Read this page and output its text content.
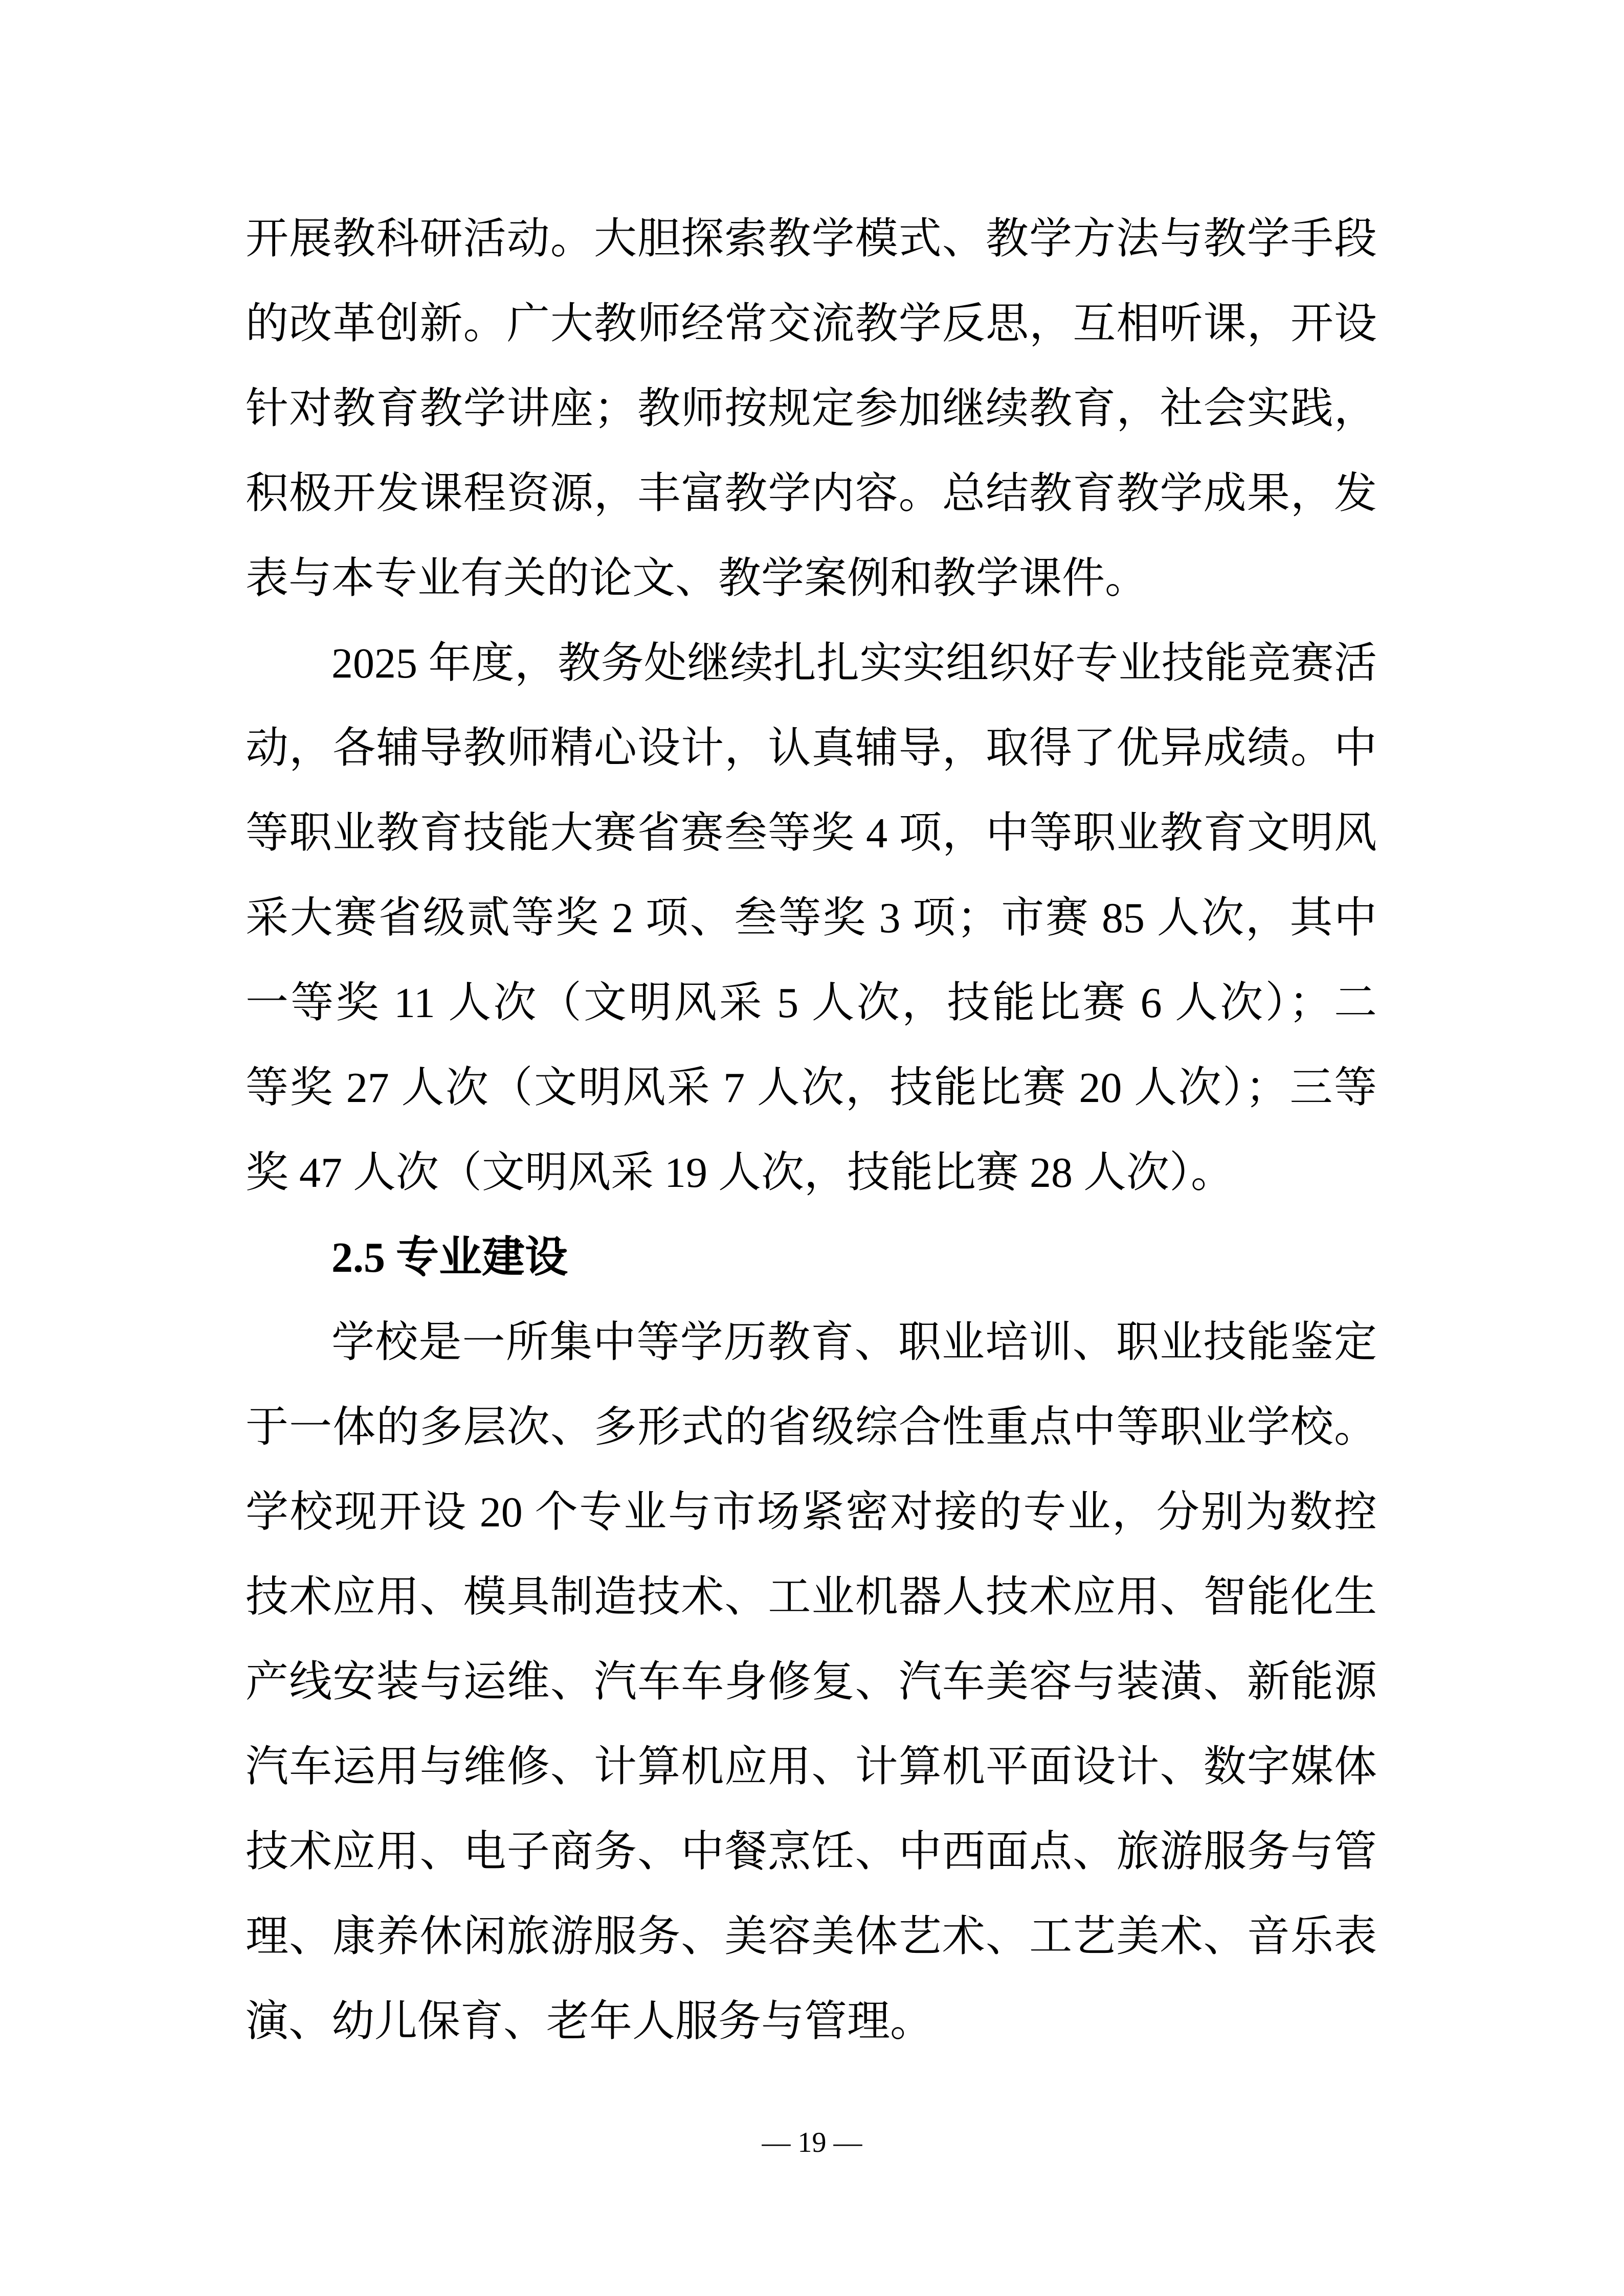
开展教科研活动。大胆探索教学模式、教学方法与教学手段
的改革创新。广大教师经常交流教学反思，互相听课，开设
针对教育教学讲座；教师按规定参加继续教育，社会实践，
积极开发课程资源，丰富教学内容。总结教育教学成果，发
表与本专业有关的论文、教学案例和教学课件。
2025 年度，教务处继续扎扎实实组织好专业技能竞赛活
动，各辅导教师精心设计，认真辅导，取得了优异成绩。中
等职业教育技能大赛省赛叁等奖 4 项，中等职业教育文明风
采大赛省级贰等奖 2 项、叁等奖 3 项；市赛 85 人次，其中
一等奖 11 人次（文明风采 5 人次，技能比赛 6 人次）；二
等奖 27 人次（文明风采 7 人次，技能比赛 20 人次）；三等
奖 47 人次（文明风采 19 人次，技能比赛 28 人次）。
2.5 专业建设
学校是一所集中等学历教育、职业培训、职业技能鉴定
于一体的多层次、多形式的省级综合性重点中等职业学校。
学校现开设 20 个专业与市场紧密对接的专业，分别为数控
技术应用、模具制造技术、工业机器人技术应用、智能化生
产线安装与运维、汽车车身修复、汽车美容与装潢、新能源
汽车运用与维修、计算机应用、计算机平面设计、数字媒体
技术应用、电子商务、中餐烹饪、中西面点、旅游服务与管
理、康养休闲旅游服务、美容美体艺术、工艺美术、音乐表
演、幼儿保育、老年人服务与管理。
— 19 —
